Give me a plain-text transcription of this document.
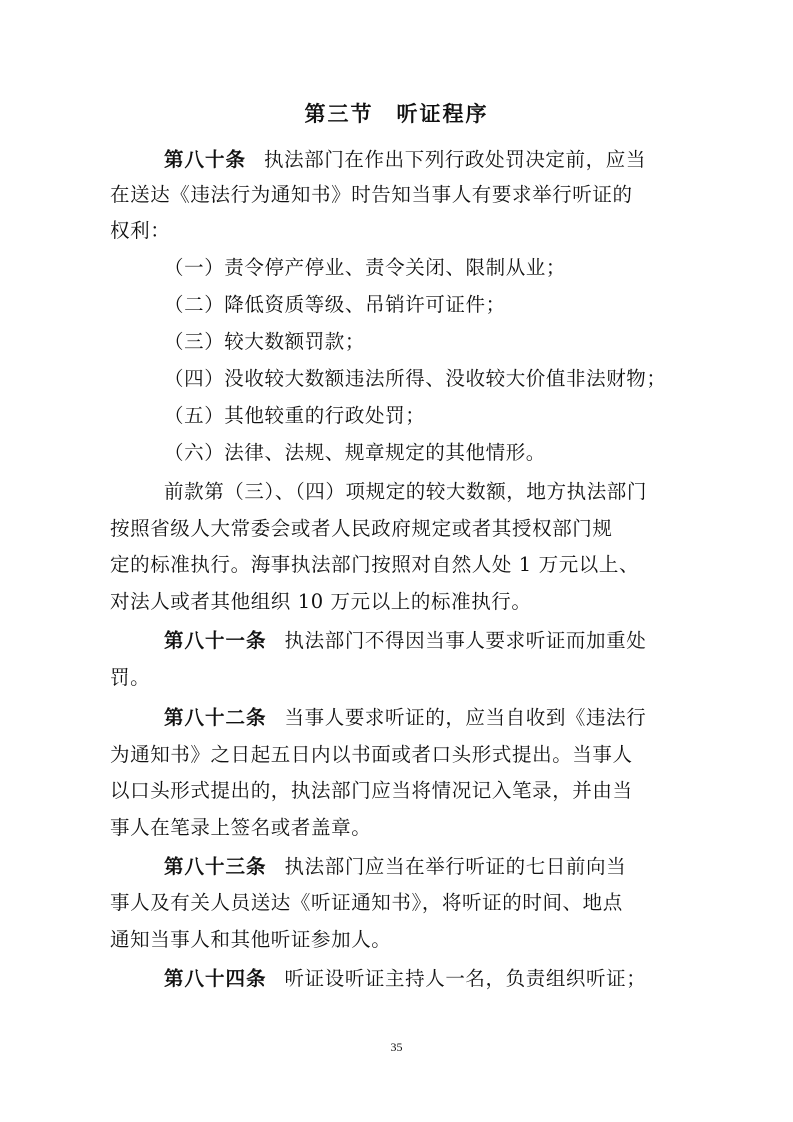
第三节　听证程序
第八十条 执法部门在作出下列行政处罚决定前，应当
在送达《违法行为通知书》时告知当事人有要求举行听证的
权利：
（一）责令停产停业、责令关闭、限制从业；
（二）降低资质等级、吊销许可证件；
（三）较大数额罚款；
（四）没收较大数额违法所得、没收较大价值非法财物；
（五）其他较重的行政处罚；
（六）法律、法规、规章规定的其他情形。
前款第（三）、（四）项规定的较大数额，地方执法部门
按照省级人大常委会或者人民政府规定或者其授权部门规
定的标准执行。海事执法部门按照对自然人处 1 万元以上、
对法人或者其他组织 10 万元以上的标准执行。
第八十一条 执法部门不得因当事人要求听证而加重处
罚。
第八十二条 当事人要求听证的，应当自收到《违法行
为通知书》之日起五日内以书面或者口头形式提出。当事人
以口头形式提出的，执法部门应当将情况记入笔录，并由当
事人在笔录上签名或者盖章。
第八十三条 执法部门应当在举行听证的七日前向当
事人及有关人员送达《听证通知书》，将听证的时间、地点
通知当事人和其他听证参加人。
第八十四条 听证设听证主持人一名，负责组织听证；
35
